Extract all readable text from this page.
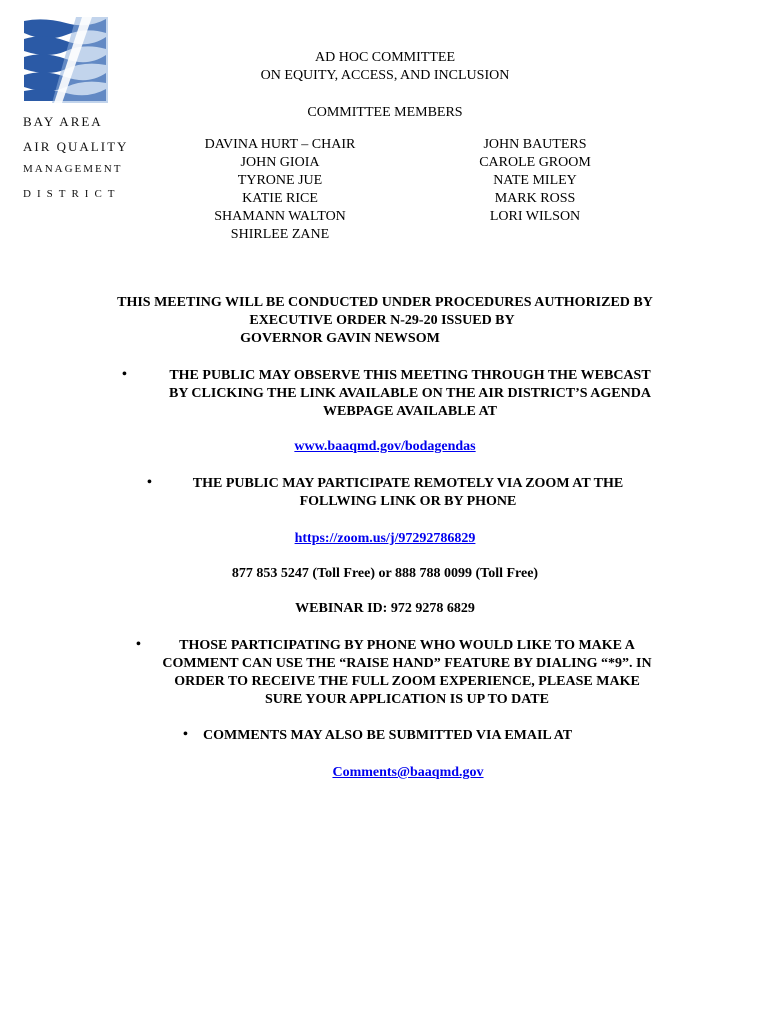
BAY AREA
AIR QUALITY
MANAGEMENT
DISTRICT
AD HOC COMMITTEE
ON EQUITY, ACCESS, AND INCLUSION
COMMITTEE MEMBERS
DAVINA HURT – CHAIR
JOHN GIOIA
TYRONE JUE
KATIE RICE
SHAMANN WALTON
SHIRLEE ZANE
JOHN BAUTERS
CAROLE GROOM
NATE MILEY
MARK ROSS
LORI WILSON
THIS MEETING WILL BE CONDUCTED UNDER PROCEDURES AUTHORIZED BY
EXECUTIVE ORDER N-29-20 ISSUED BY
GOVERNOR GAVIN NEWSOM
•	THE PUBLIC MAY OBSERVE THIS MEETING THROUGH THE WEBCAST
BY CLICKING THE LINK AVAILABLE ON THE AIR DISTRICT’S AGENDA
WEBPAGE AVAILABLE AT
www.baaqmd.gov/bodagendas
•	THE PUBLIC MAY PARTICIPATE REMOTELY VIA ZOOM AT THE
FOLLWING LINK OR BY PHONE
https://zoom.us/j/97292786829
877 853 5247 (Toll Free) or 888 788 0099 (Toll Free)
WEBINAR ID: 972 9278 6829
•	THOSE PARTICIPATING BY PHONE WHO WOULD LIKE TO MAKE A
COMMENT CAN USE THE “RAISE HAND” FEATURE BY DIALING “*9”. IN
ORDER TO RECEIVE THE FULL ZOOM EXPERIENCE, PLEASE MAKE
SURE YOUR APPLICATION IS UP TO DATE
• COMMENTS MAY ALSO BE SUBMITTED VIA EMAIL AT
Comments@baaqmd.gov
